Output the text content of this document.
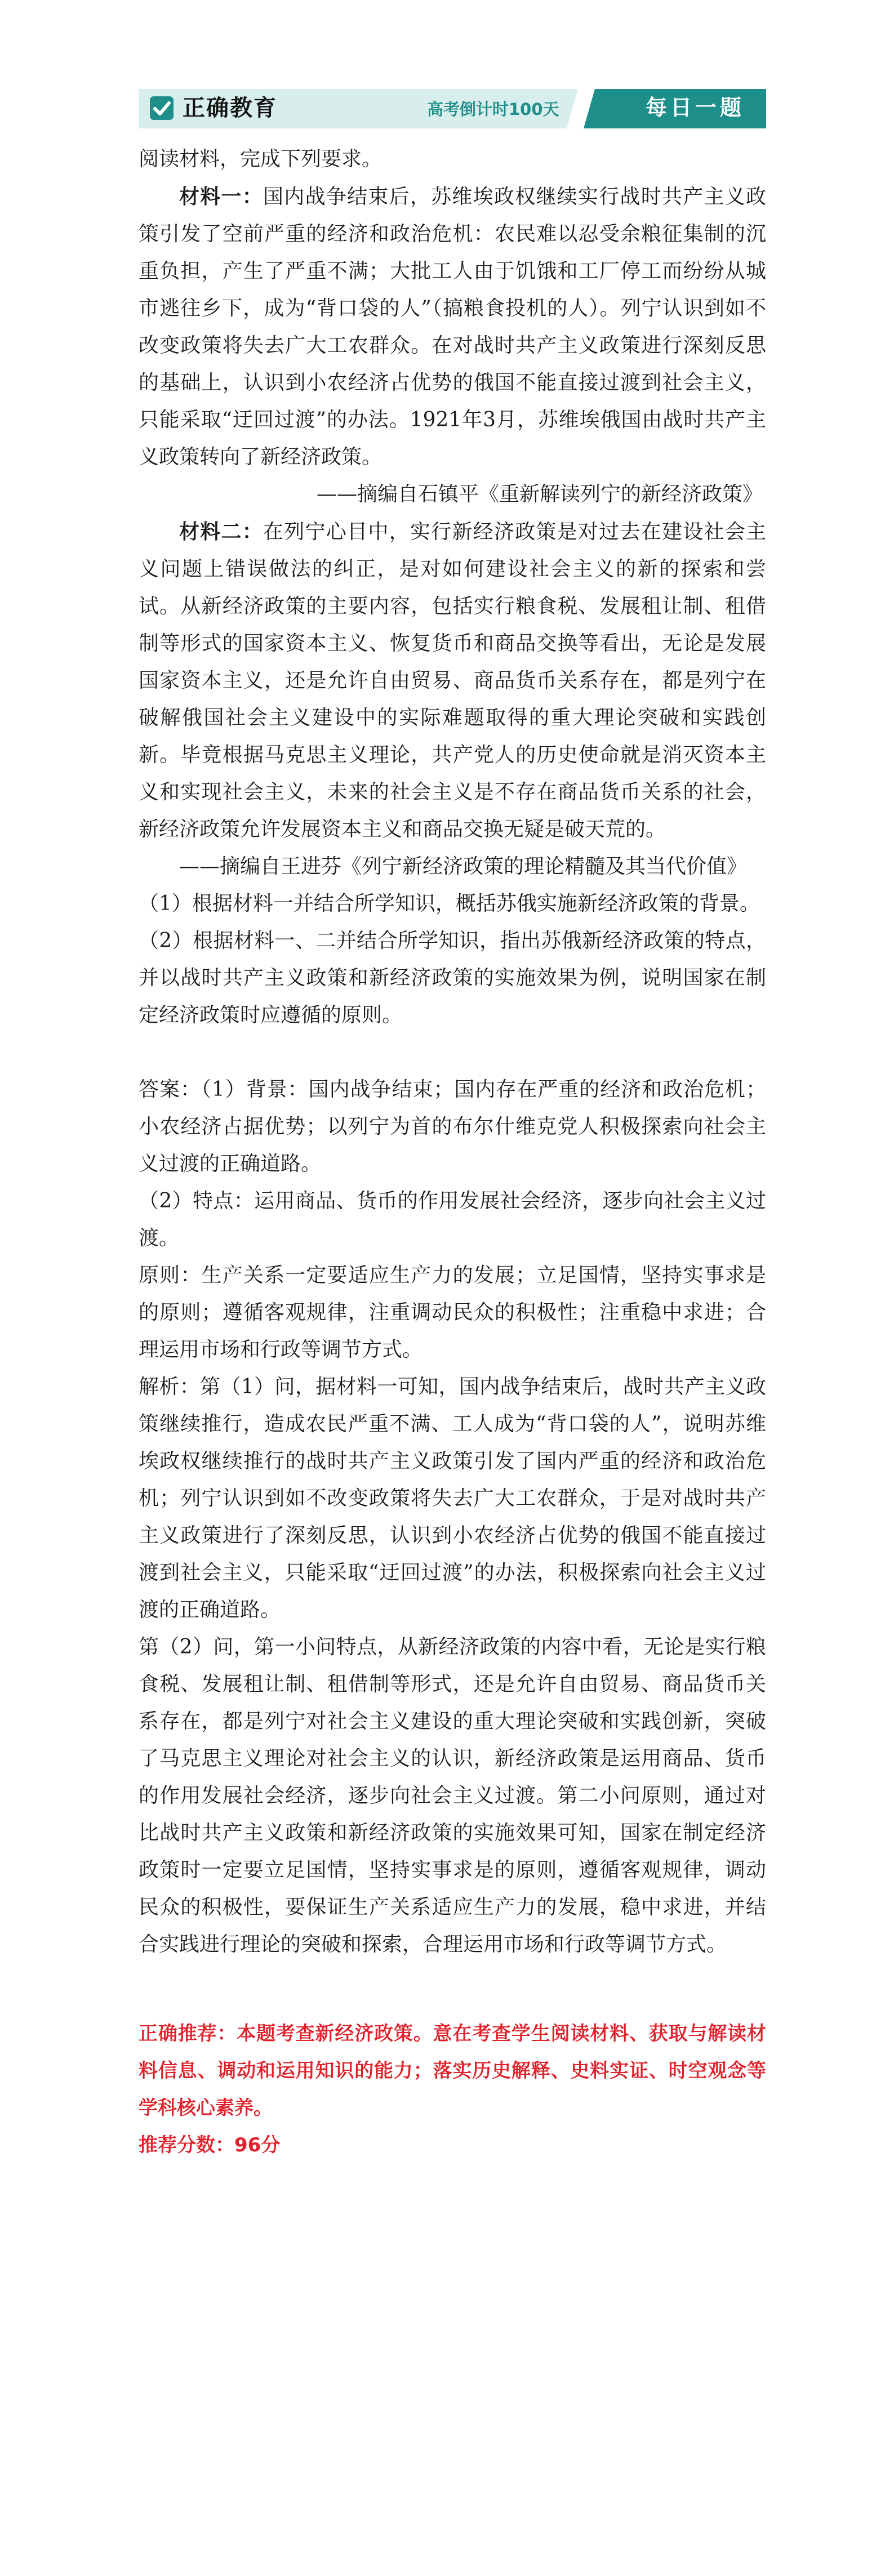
正确教育	高考倒计时100天	每日一题

阅读材料，完成下列要求。

材料一：国内战争结束后，苏维埃政权继续实行战时共产主义政策引发了空前严重的经济和政治危机：农民难以忍受余粮征集制的沉重负担，产生了严重不满；大批工人由于饥饿和工厂停工而纷纷从城市逃往乡下，成为“背口袋的人”（搞粮食投机的人）。列宁认识到如不改变政策将失去广大工农群众。在对战时共产主义政策进行深刻反思的基础上，认识到小农经济占优势的俄国不能直接过渡到社会主义，只能采取“迂回过渡”的办法。1921年3月，苏维埃俄国由战时共产主义政策转向了新经济政策。

——摘编自石镇平《重新解读列宁的新经济政策》

材料二：在列宁心目中，实行新经济政策是对过去在建设社会主义问题上错误做法的纠正，是对如何建设社会主义的新的探索和尝试。从新经济政策的主要内容，包括实行粮食税、发展租让制、租借制等形式的国家资本主义、恢复货币和商品交换等看出，无论是发展国家资本主义，还是允许自由贸易、商品货币关系存在，都是列宁在破解俄国社会主义建设中的实际难题取得的重大理论突破和实践创新。毕竟根据马克思主义理论，共产党人的历史使命就是消灭资本主义和实现社会主义，未来的社会主义是不存在商品货币关系的社会，新经济政策允许发展资本主义和商品交换无疑是破天荒的。

——摘编自王进芬《列宁新经济政策的理论精髓及其当代价值》

（1）根据材料一并结合所学知识，概括苏俄实施新经济政策的背景。

（2）根据材料一、二并结合所学知识，指出苏俄新经济政策的特点，并以战时共产主义政策和新经济政策的实施效果为例，说明国家在制定经济政策时应遵循的原则。

答案：（1）背景：国内战争结束；国内存在严重的经济和政治危机；小农经济占据优势；以列宁为首的布尔什维克党人积极探索向社会主义过渡的正确道路。

（2）特点：运用商品、货币的作用发展社会经济，逐步向社会主义过渡。

原则：生产关系一定要适应生产力的发展；立足国情，坚持实事求是的原则；遵循客观规律，注重调动民众的积极性；注重稳中求进；合理运用市场和行政等调节方式。

解析：第（1）问，据材料一可知，国内战争结束后，战时共产主义政策继续推行，造成农民严重不满、工人成为“背口袋的人”，说明苏维埃政权继续推行的战时共产主义政策引发了国内严重的经济和政治危机；列宁认识到如不改变政策将失去广大工农群众，于是对战时共产主义政策进行了深刻反思，认识到小农经济占优势的俄国不能直接过渡到社会主义，只能采取“迂回过渡”的办法，积极探索向社会主义过渡的正确道路。

第（2）问，第一小问特点，从新经济政策的内容中看，无论是实行粮食税、发展租让制、租借制等形式，还是允许自由贸易、商品货币关系存在，都是列宁对社会主义建设的重大理论突破和实践创新，突破了马克思主义理论对社会主义的认识，新经济政策是运用商品、货币的作用发展社会经济，逐步向社会主义过渡。第二小问原则，通过对比战时共产主义政策和新经济政策的实施效果可知，国家在制定经济政策时一定要立足国情，坚持实事求是的原则，遵循客观规律，调动民众的积极性，要保证生产关系适应生产力的发展，稳中求进，并结合实践进行理论的突破和探索，合理运用市场和行政等调节方式。

正确推荐：本题考查新经济政策。意在考查学生阅读材料、获取与解读材料信息、调动和运用知识的能力；落实历史解释、史料实证、时空观念等学科核心素养。

推荐分数：96分
